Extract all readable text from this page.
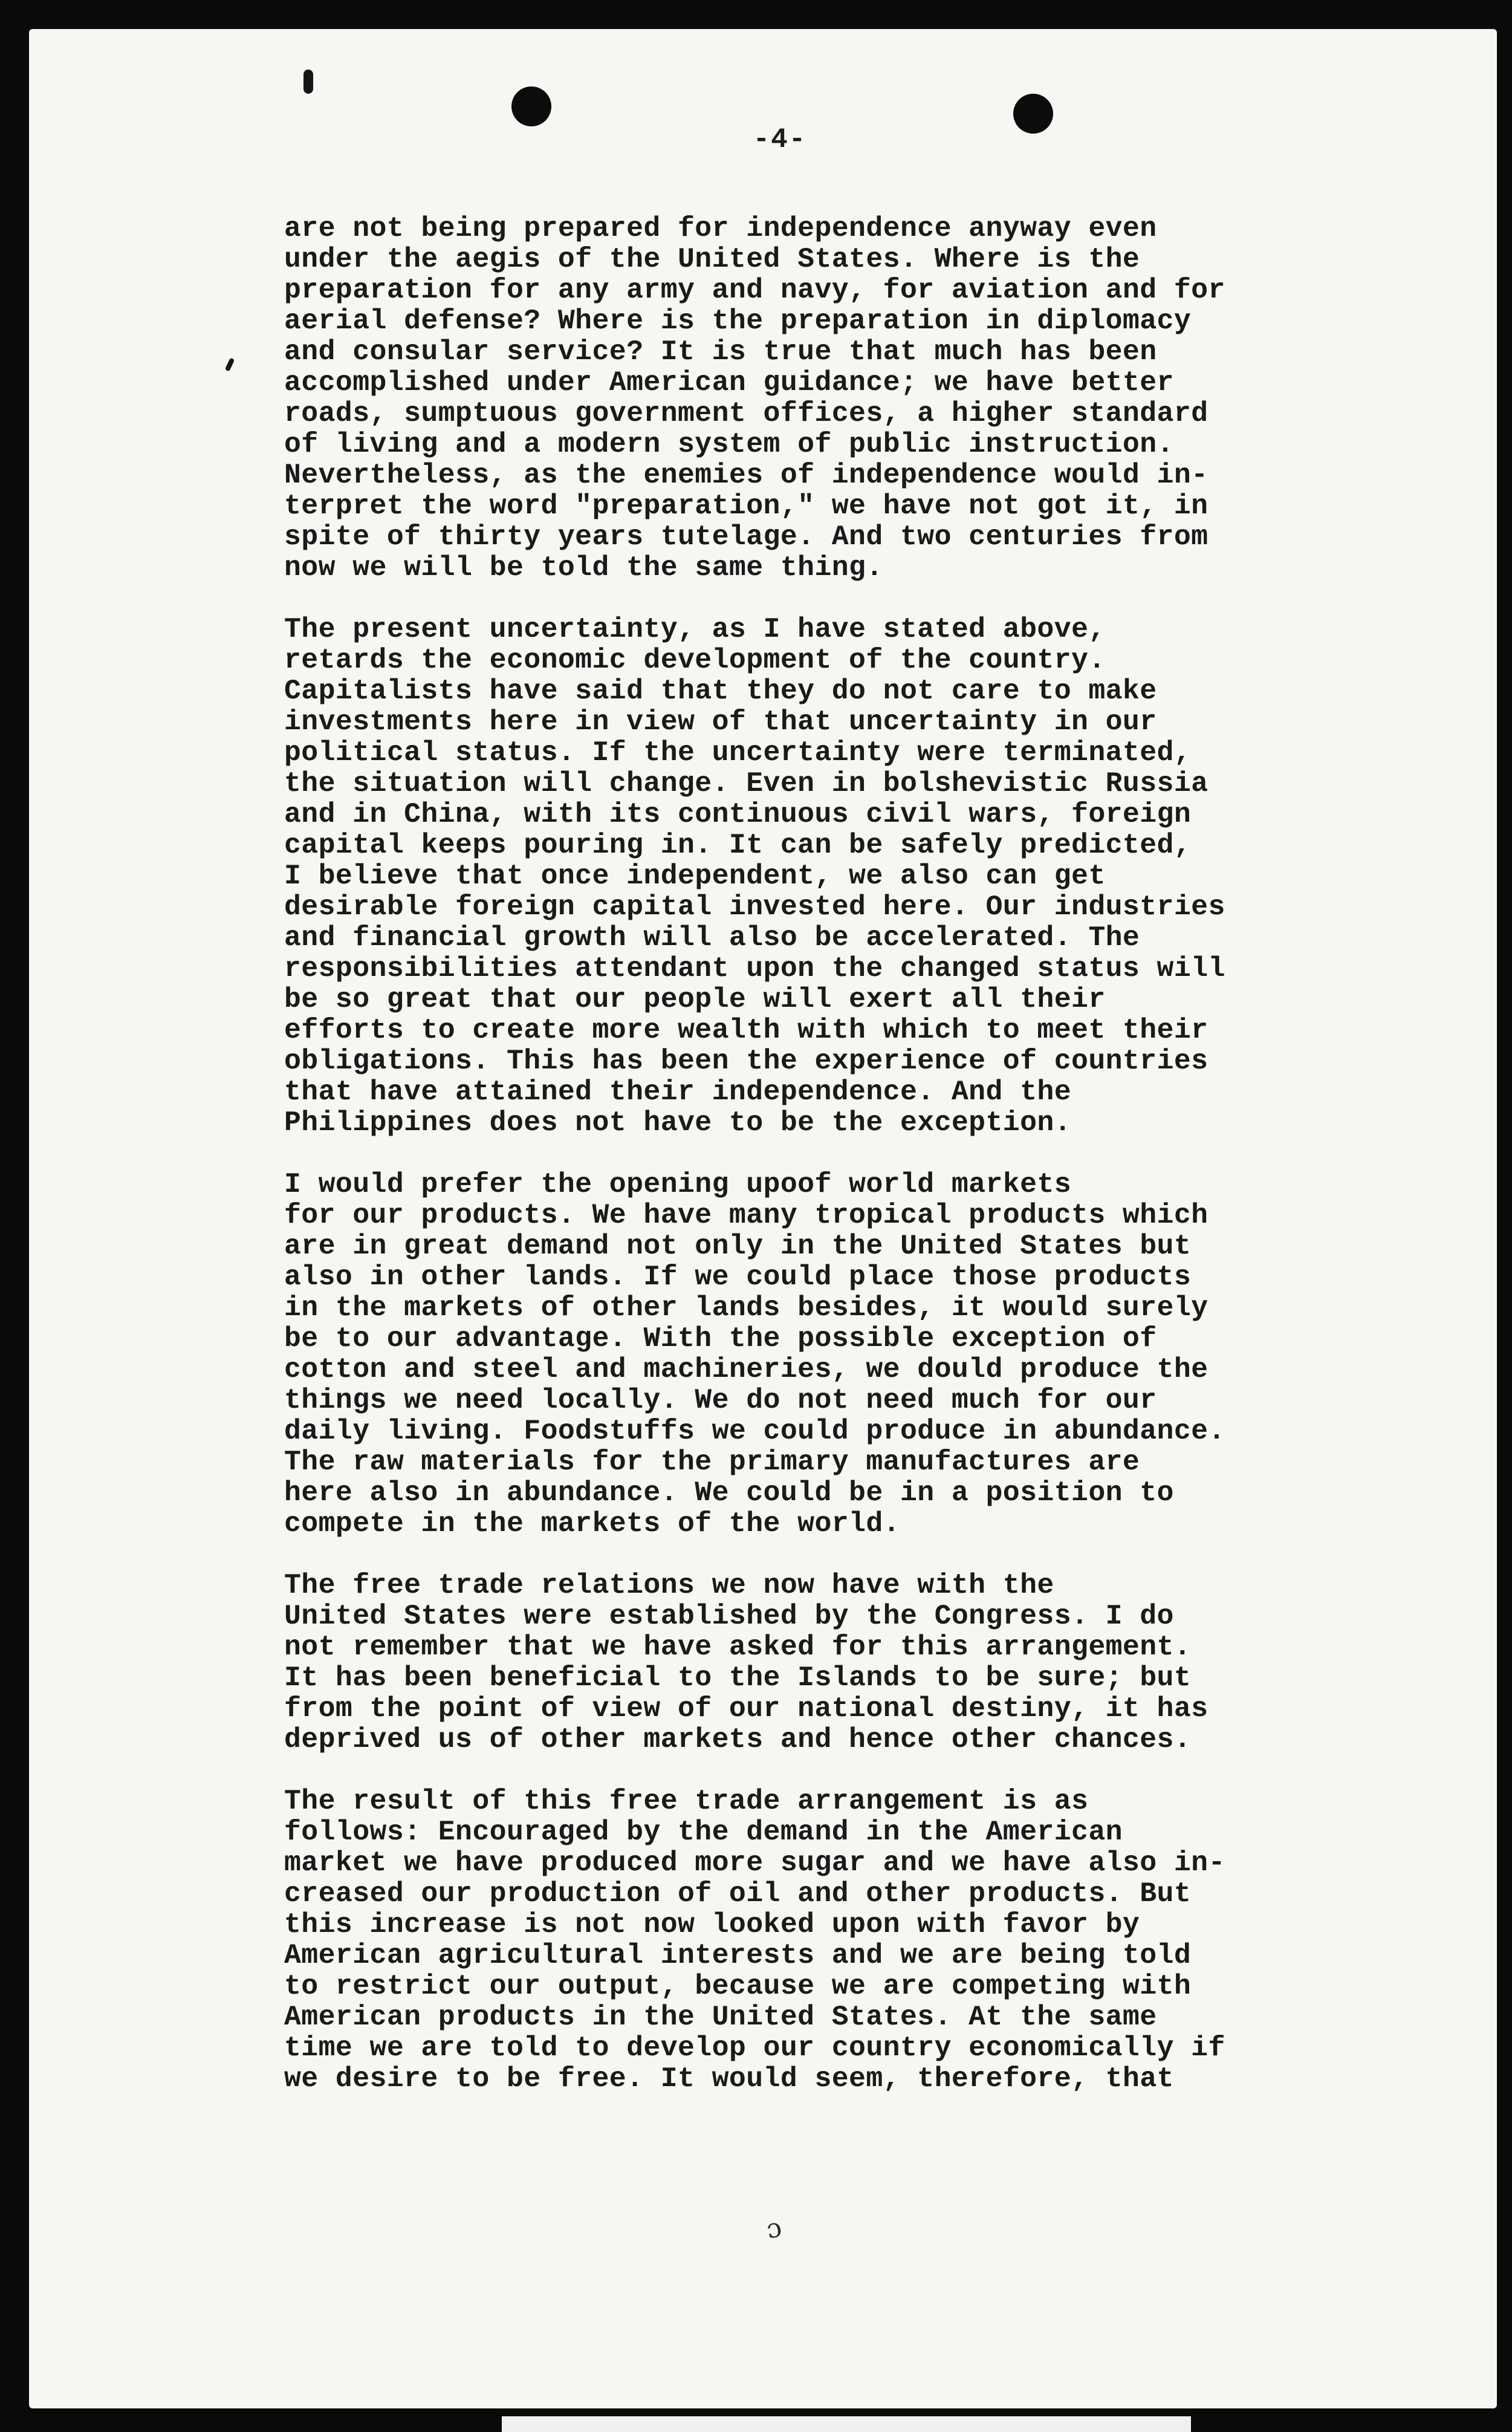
-4-

are not being prepared for independence anyway even
under the aegis of the United States. Where is the
preparation for any army and navy, for aviation and for
aerial defense? Where is the preparation in diplomacy
and consular service? It is true that much has been
accomplished under American guidance; we have better
roads, sumptuous government offices, a higher standard
of living and a modern system of public instruction.
Nevertheless, as the enemies of independence would in-
terpret the word "preparation," we have not got it, in
spite of thirty years tutelage. And two centuries from
now we will be told the same thing.

The present uncertainty, as I have stated above,
retards the economic development of the country.
Capitalists have said that they do not care to make
investments here in view of that uncertainty in our
political status. If the uncertainty were terminated,
the situation will change. Even in bolshevistic Russia
and in China, with its continuous civil wars, foreign
capital keeps pouring in. It can be safely predicted,
I believe that once independent, we also can get
desirable foreign capital invested here. Our industries
and financial growth will also be accelerated. The
responsibilities attendant upon the changed status will
be so great that our people will exert all their
efforts to create more wealth with which to meet their
obligations. This has been the experience of countries
that have attained their independence. And the
Philippines does not have to be the exception.

I would prefer the opening upoof world markets
for our products. We have many tropical products which
are in great demand not only in the United States but
also in other lands. If we could place those products
in the markets of other lands besides, it would surely
be to our advantage. With the possible exception of
cotton and steel and machineries, we dould produce the
things we need locally. We do not need much for our
daily living. Foodstuffs we could produce in abundance.
The raw materials for the primary manufactures are
here also in abundance. We could be in a position to
compete in the markets of the world.

The free trade relations we now have with the
United States were established by the Congress. I do
not remember that we have asked for this arrangement.
It has been beneficial to the Islands to be sure; but
from the point of view of our national destiny, it has
deprived us of other markets and hence other chances.

The result of this free trade arrangement is as
follows: Encouraged by the demand in the American
market we have produced more sugar and we have also in-
creased our production of oil and other products. But
this increase is not now looked upon with favor by
American agricultural interests and we are being told
to restrict our output, because we are competing with
American products in the United States. At the same
time we are told to develop our country economically if
we desire to be free. It would seem, therefore, that

ɔ
